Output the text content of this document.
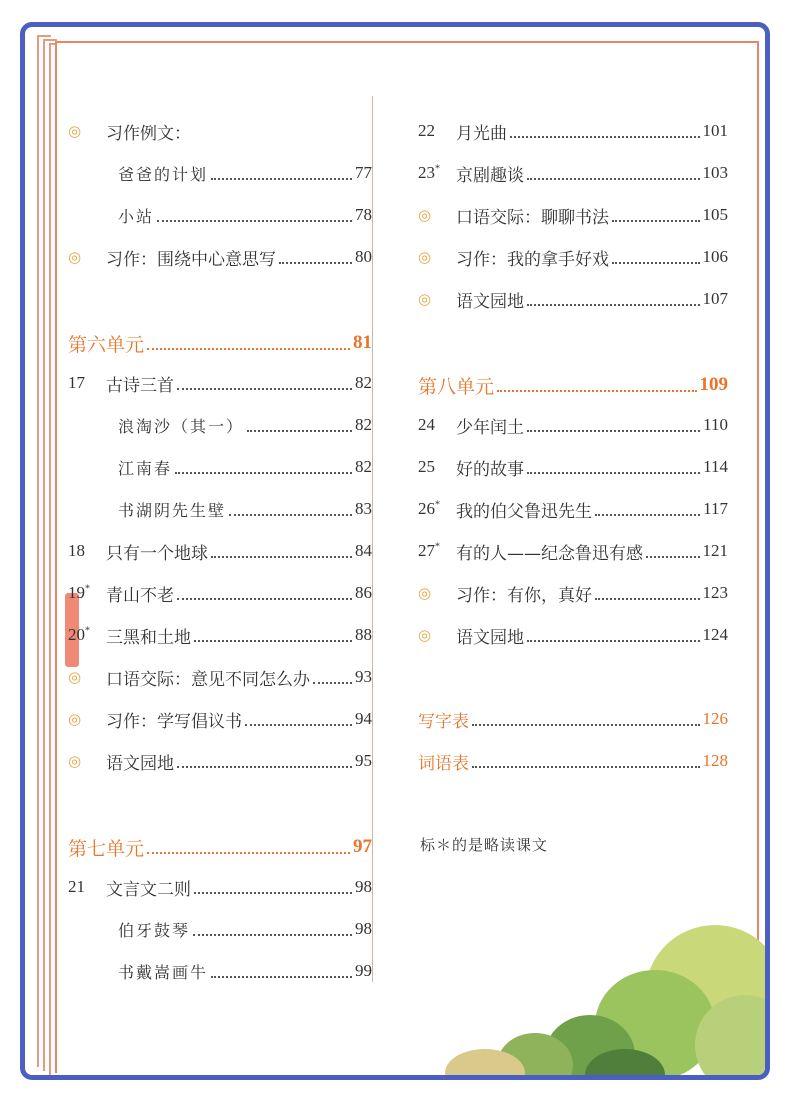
◎	习作例文：
爸爸的计划	77
小站	78
◎	习作：围绕中心意思写	80
第六单元	81
17	古诗三首	82
浪淘沙（其一）	82
江南春	82
书湖阴先生壁	83
18	只有一个地球	84
19* 青山不老	86
20* 三黑和土地	88
◎	口语交际：意见不同怎么办	93
◎	习作：学写倡议书	94
◎	语文园地	95
第七单元	97
21	文言文二则	98
伯牙鼓琴	98
书戴嵩画牛	99
22	月光曲	101
23* 京剧趣谈	103
◎	口语交际：聊聊书法	105
◎	习作：我的拿手好戏	106
◎	语文园地	107
第八单元	109
24	少年闰土	110
25	好的故事	114
26* 我的伯父鲁迅先生	117
27* 有的人——纪念鲁迅有感	121
◎	习作：有你，真好	123
◎	语文园地	124
写字表	126
词语表	128
标＊的是略读课文
